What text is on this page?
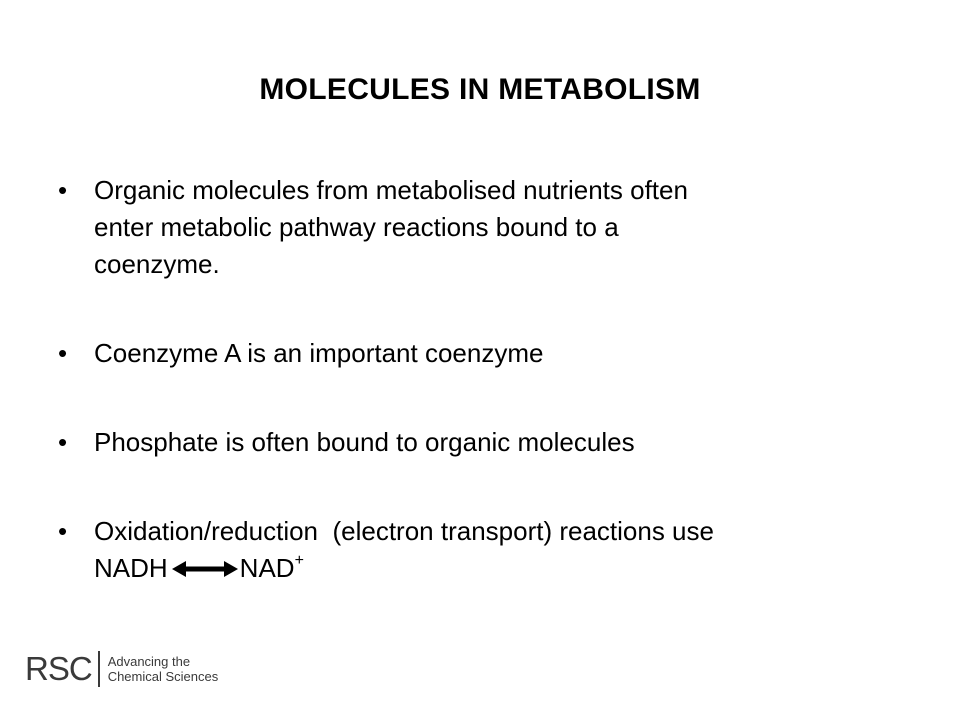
MOLECULES IN METABOLISM
• Organic molecules from metabolised nutrients often
enter metabolic pathway reactions bound to a
coenzyme.
• Coenzyme A is an important coenzyme
• Phosphate is often bound to organic molecules
• Oxidation/reduction  (electron transport) reactions use

NADH	NAD+
RSC Advancing the
Chemical Sciences
